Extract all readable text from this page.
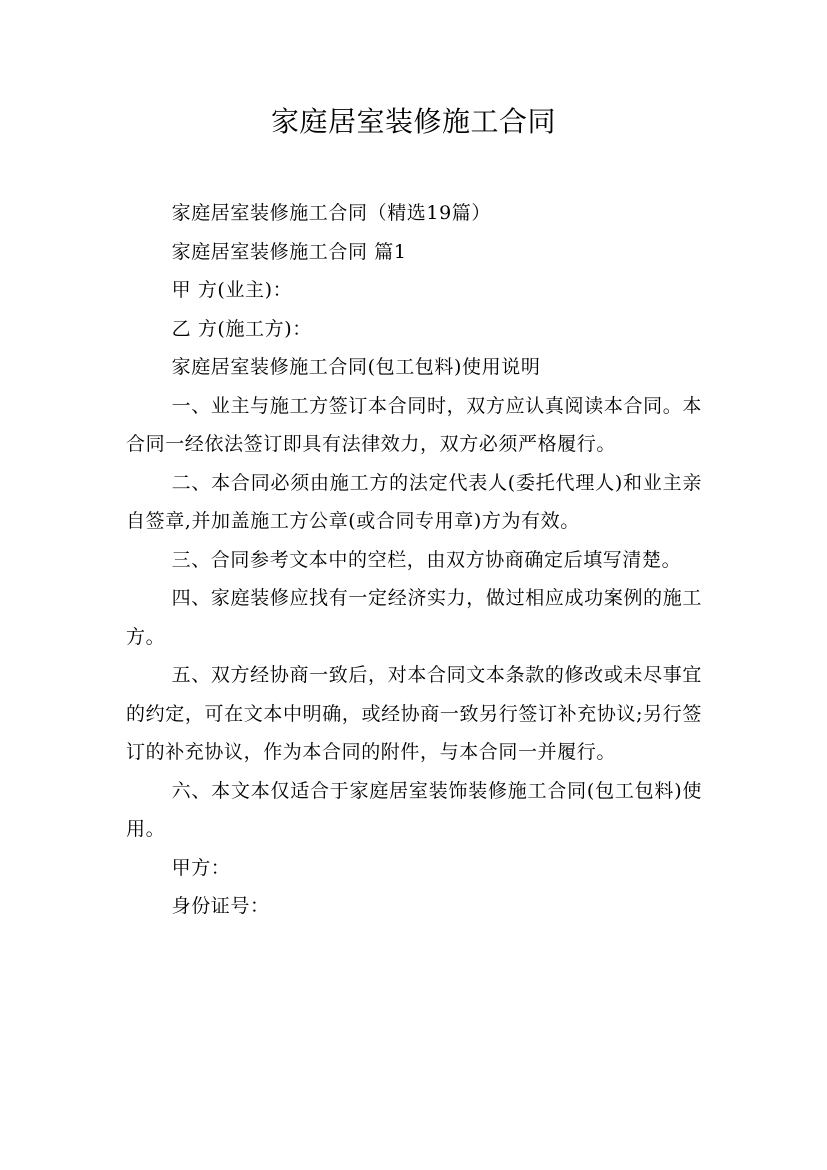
家庭居室装修施工合同

家庭居室装修施工合同（精选19篇）

家庭居室装修施工合同 篇1

甲 方(业主)：

乙 方(施工方)：

家庭居室装修施工合同(包工包料)使用说明

一、业主与施工方签订本合同时，双方应认真阅读本合同。本合同一经依法签订即具有法律效力，双方必须严格履行。

二、本合同必须由施工方的法定代表人(委托代理人)和业主亲自签章,并加盖施工方公章(或合同专用章)方为有效。

三、合同参考文本中的空栏，由双方协商确定后填写清楚。

四、家庭装修应找有一定经济实力，做过相应成功案例的施工方。

五、双方经协商一致后，对本合同文本条款的修改或未尽事宜的约定，可在文本中明确，或经协商一致另行签订补充协议;另行签订的补充协议，作为本合同的附件，与本合同一并履行。

六、本文本仅适合于家庭居室装饰装修施工合同(包工包料)使用。

甲方：

身份证号：
